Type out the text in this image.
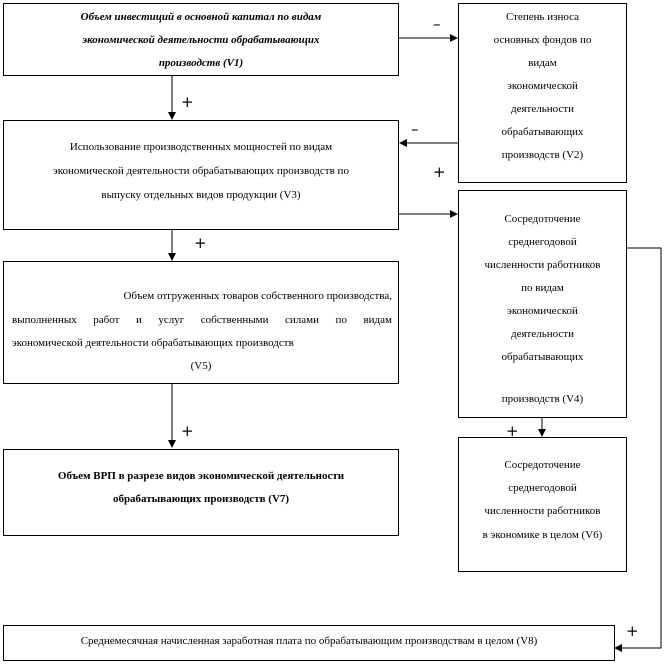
Объем инвестиций в основной капитал по видам
экономической деятельности обрабатывающих
производств (V1)
Степень износа
основных фондов по
видам
экономической
деятельности
обрабатывающих
производств (V2)
Использование производственных мощностей по видам
экономической деятельности обрабатывающих производств по
выпуску отдельных видов продукции (V3)
Сосредоточение
среднегодовой
численности работников
по видам
экономической
деятельности
обрабатывающих
производств (V4)
Объем отгруженных товаров собственного производства,
выполненных работ и услуг собственными силами по видам
экономической деятельности обрабатывающих производств
(V5)
Сосредоточение
среднегодовой
численности работников
в экономике в целом (V6)
Объем ВРП в разрезе видов экономической деятельности
обрабатывающих производств (V7)
Среднемесячная начисленная заработная плата по обрабатывающим производствам в целом (V8)
–
+
–
+
+
+	+
+
